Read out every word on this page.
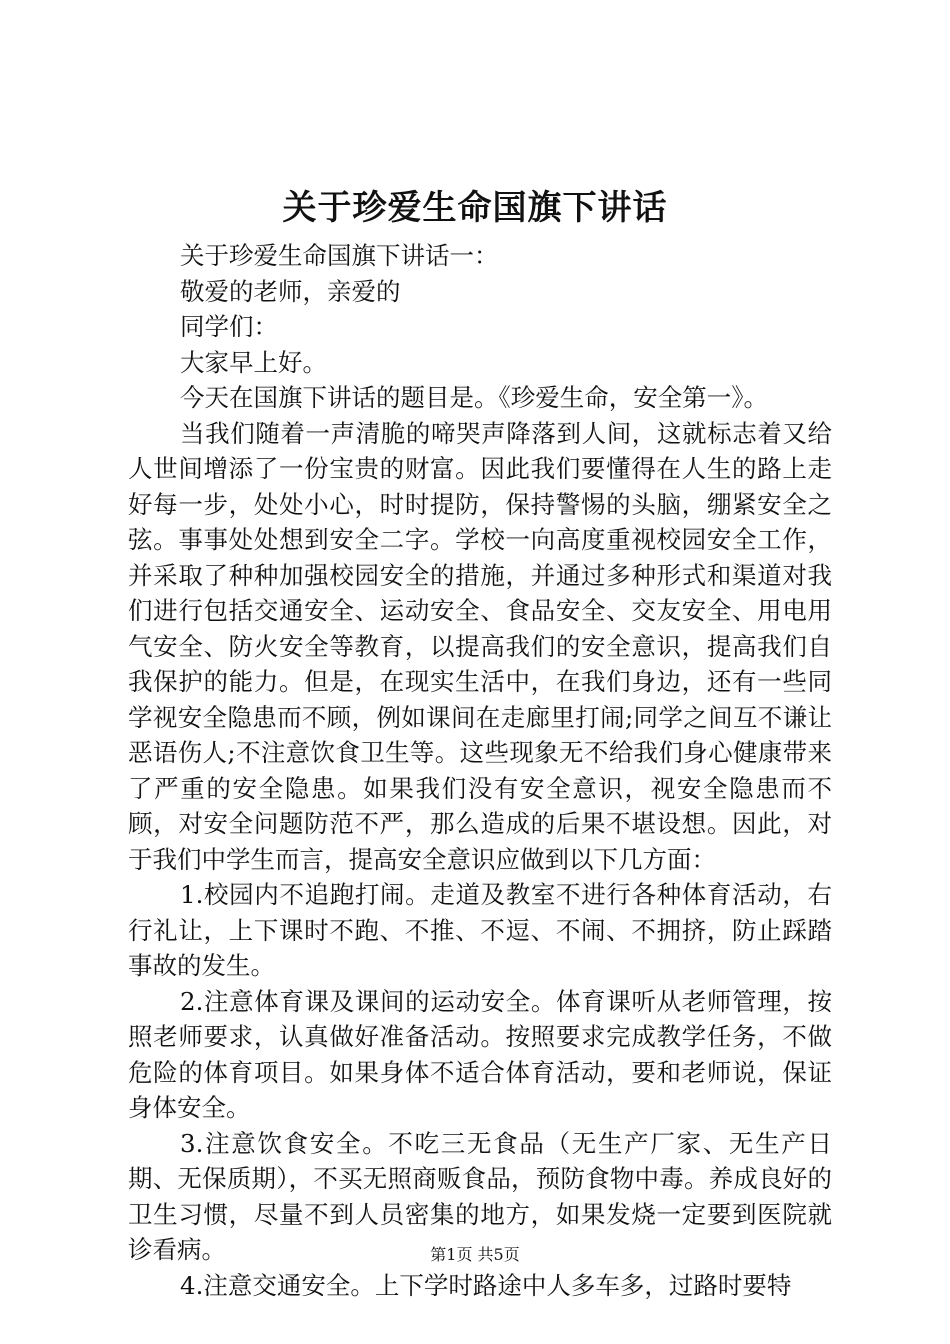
关于珍爱生命国旗下讲话

关于珍爱生命国旗下讲话一：

敬爱的老师，亲爱的

同学们：

大家早上好。

今天在国旗下讲话的题目是。《珍爱生命，安全第一》。

当我们随着一声清脆的啼哭声降落到人间，这就标志着又给人世间增添了一份宝贵的财富。因此我们要懂得在人生的路上走好每一步，处处小心，时时提防，保持警惕的头脑，绷紧安全之弦。事事处处想到安全二字。学校一向高度重视校园安全工作，并采取了种种加强校园安全的措施，并通过多种形式和渠道对我们进行包括交通安全、运动安全、食品安全、交友安全、用电用气安全、防火安全等教育，以提高我们的安全意识，提高我们自我保护的能力。但是，在现实生活中，在我们身边，还有一些同学视安全隐患而不顾，例如课间在走廊里打闹;同学之间互不谦让恶语伤人;不注意饮食卫生等。这些现象无不给我们身心健康带来了严重的安全隐患。如果我们没有安全意识，视安全隐患而不顾，对安全问题防范不严，那么造成的后果不堪设想。因此，对于我们中学生而言，提高安全意识应做到以下几方面：

1.校园内不追跑打闹。走道及教室不进行各种体育活动，右行礼让，上下课时不跑、不推、不逗、不闹、不拥挤，防止踩踏事故的发生。

2.注意体育课及课间的运动安全。体育课听从老师管理，按照老师要求，认真做好准备活动。按照要求完成教学任务，不做危险的体育项目。如果身体不适合体育活动，要和老师说，保证身体安全。

3.注意饮食安全。不吃三无食品（无生产厂家、无生产日期、无保质期），不买无照商贩食品，预防食物中毒。养成良好的卫生习惯，尽量不到人员密集的地方，如果发烧一定要到医院就诊看病。

4.注意交通安全。上下学时路途中人多车多，过路时要特

第1页 共5页
